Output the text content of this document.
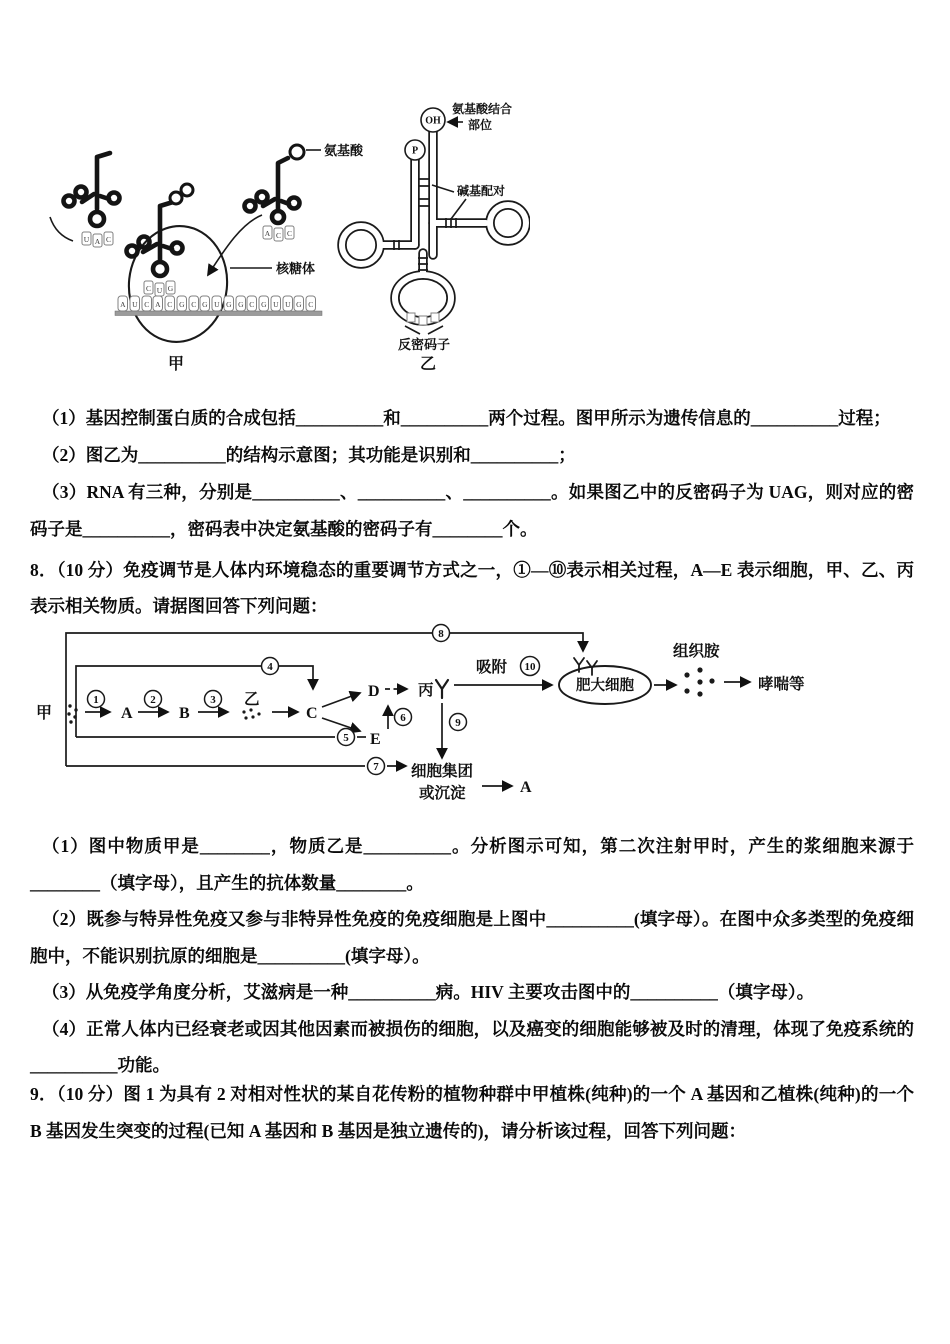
U A C
C U G
A C C
氨基酸
核糖体
A U C A C G C G U G G C G U U G C
甲
OH
P
氨基酸结合
部位
碱基配对
反密码子
乙

（1）基因控制蛋白质的合成包括__________和__________两个过程。图甲所示为遗传信息的__________过程；

（2）图乙为__________的结构示意图；其功能是识别和__________；

（3）RNA 有三种，分别是__________、__________、__________。如果图乙中的反密码子为 UAG，则对应的密码子是__________，密码表中决定氨基酸的密码子有________个。

8．（10 分）免疫调节是人体内环境稳态的重要调节方式之一，①—⑩表示相关过程，A—E 表示细胞，甲、乙、丙表示相关物质。请据图回答下列问题：

甲
1
A
2
B
3 乙
C
4
D
E
5
6
丙
9
吸附 10
肥大细胞
组织胺
哮喘等
7 细胞集团
或沉淀	A
8

（1）图中物质甲是________，物质乙是__________。分析图示可知，第二次注射甲时，产生的浆细胞来源于________（填字母），且产生的抗体数量________。

（2）既参与特异性免疫又参与非特异性免疫的免疫细胞是上图中__________(填字母）。在图中众多类型的免疫细胞中，不能识别抗原的细胞是__________(填字母）。

（3）从免疫学角度分析，艾滋病是一种__________病。HIV 主要攻击图中的__________（填字母）。

（4）正常人体内已经衰老或因其他因素而被损伤的细胞，以及癌变的细胞能够被及时的清理，体现了免疫系统的__________功能。

9．（10 分）图 1 为具有 2 对相对性状的某自花传粉的植物种群中甲植株(纯种)的一个 A 基因和乙植株(纯种)的一个 B 基因发生突变的过程(已知 A 基因和 B 基因是独立遗传的)，请分析该过程，回答下列问题：
